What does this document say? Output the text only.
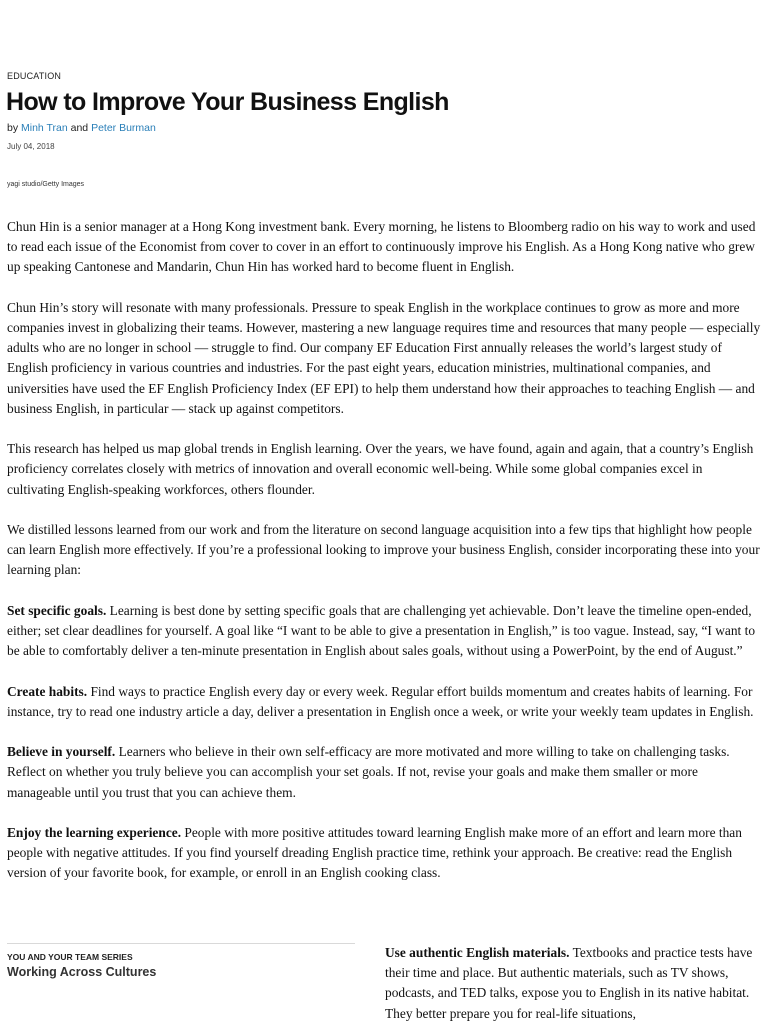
EDUCATION
How to Improve Your Business English
by Minh Tran and Peter Burman
July 04, 2018
yagi studio/Getty Images

Chun Hin is a senior manager at a Hong Kong investment bank. Every morning, he listens to Bloomberg radio on his way to work and used to read each issue of the Economist from cover to cover in an effort to continuously improve his English. As a Hong Kong native who grew up speaking Cantonese and Mandarin, Chun Hin has worked hard to become fluent in English.

Chun Hin’s story will resonate with many professionals. Pressure to speak English in the workplace continues to grow as more and more companies invest in globalizing their teams. However, mastering a new language requires time and resources that many people — especially adults who are no longer in school — struggle to find. Our company EF Education First annually releases the world’s largest study of English proficiency in various countries and industries. For the past eight years, education ministries, multinational companies, and universities have used the EF English Proficiency Index (EF EPI) to help them understand how their approaches to teaching English — and business English, in particular — stack up against competitors.

This research has helped us map global trends in English learning. Over the years, we have found, again and again, that a country’s English proficiency correlates closely with metrics of innovation and overall economic well-being. While some global companies excel in cultivating English-speaking workforces, others flounder.

We distilled lessons learned from our work and from the literature on second language acquisition into a few tips that highlight how people can learn English more effectively. If you’re a professional looking to improve your business English, consider incorporating these into your learning plan:

Set specific goals. Learning is best done by setting specific goals that are challenging yet achievable. Don’t leave the timeline open-ended, either; set clear deadlines for yourself. A goal like “I want to be able to give a presentation in English,” is too vague. Instead, say, “I want to be able to comfortably deliver a ten-minute presentation in English about sales goals, without using a PowerPoint, by the end of August.”

Create habits. Find ways to practice English every day or every week. Regular effort builds momentum and creates habits of learning. For instance, try to read one industry article a day, deliver a presentation in English once a week, or write your weekly team updates in English.

Believe in yourself. Learners who believe in their own self-efficacy are more motivated and more willing to take on challenging tasks. Reflect on whether you truly believe you can accomplish your set goals. If not, revise your goals and make them smaller or more manageable until you trust that you can achieve them.

Enjoy the learning experience. People with more positive attitudes toward learning English make more of an effort and learn more than people with negative attitudes. If you find yourself dreading English practice time, rethink your approach. Be creative: read the English version of your favorite book, for example, or enroll in an English cooking class.

YOU AND YOUR TEAM SERIES
Working Across Cultures

Use authentic English materials. Textbooks and practice tests have their time and place. But authentic materials, such as TV shows, podcasts, and TED talks, expose you to English in its native habitat. They better prepare you for real-life situations,
